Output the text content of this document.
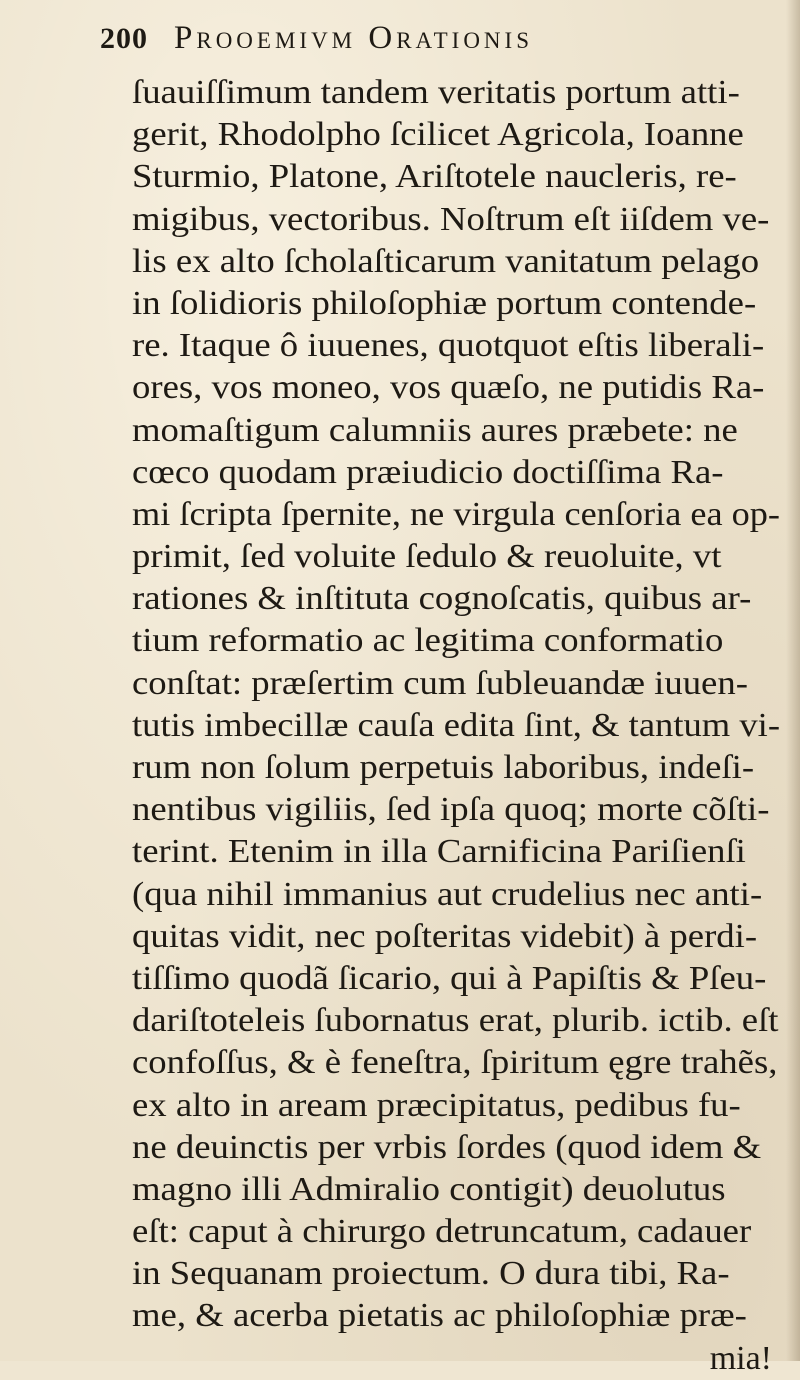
200 Prooemivm Orationis
ſuauiſſimum tandem veritatis portum atti-
gerit, Rhodolpho ſcilicet Agricola, Ioanne
Sturmio, Platone, Ariſtotele naucleris, re-
migibus, vectoribus. Noſtrum eſt iiſdem ve-
lis ex alto ſcholaſticarum vanitatum pelago
in ſolidioris philoſophiæ portum contende-
re. Itaque ô iuuenes, quotquot eſtis liberali-
ores, vos moneo, vos quæſo, ne putidis Ra-
momaſtigum calumniis aures præbete: ne
cœco quodam præiudicio doctiſſima Ra-
mi ſcripta ſpernite, ne virgula cenſoria ea op-
primit, ſed voluite ſedulo & reuoluite, vt
rationes & inſtituta cognoſcatis, quibus ar-
tium reformatio ac legitima conformatio
conſtat: præſertim cum ſubleuandæ iuuen-
tutis imbecillæ cauſa edita ſint, & tantum vi-
rum non ſolum perpetuis laboribus, indeſi-
nentibus vigiliis, ſed ipſa quoq; morte cõſti-
terint. Etenim in illa Carnificina Pariſienſi
(qua nihil immanius aut crudelius nec anti-
quitas vidit, nec poſteritas videbit) à perdi-
tiſſimo quodã ſicario, qui à Papiſtis & Pſeu-
dariſtoteleis ſubornatus erat, plurib. ictib. eſt
confoſſus, & è feneſtra, ſpiritum ęgre trahẽs,
ex alto in aream præcipitatus, pedibus fu-
ne deuinctis per vrbis ſordes (quod idem &
magno illi Admiralio contigit) deuolutus
eſt: caput à chirurgo detruncatum, cadauer
in Sequanam proiectum. O dura tibi, Ra-
me, & acerba pietatis ac philoſophiæ præ-
mia!
